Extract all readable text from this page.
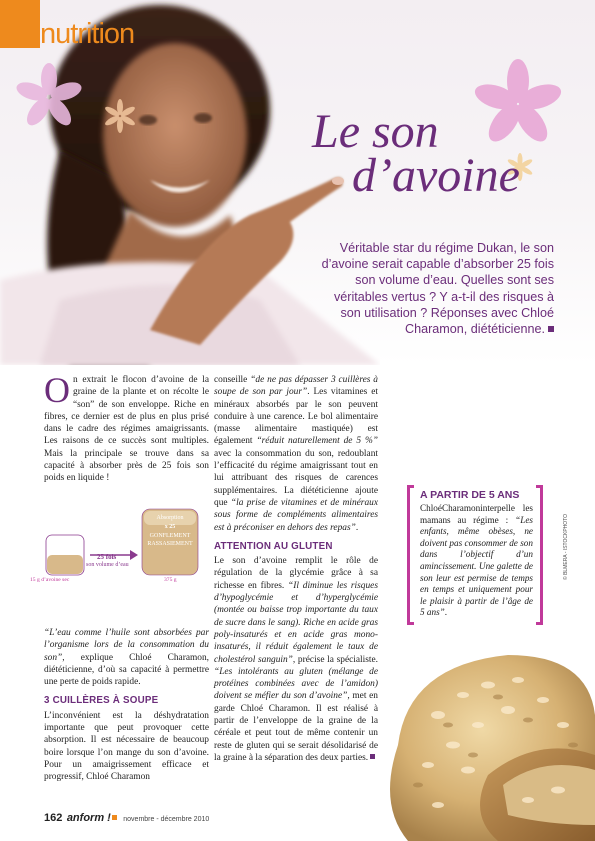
nutrition
Le son
d’avoine
Véritable star du régime Dukan, le son d’avoine serait capable d’absorber 25 fois son volume d’eau. Quelles sont ses véritables vertus ? Y a-t-il des risques à son utilisation ? Réponses avec Chloé Charamon, diététicienne.

On extrait le flocon d’avoine de la graine de la plante et on récolte le “son” de son enveloppe. Riche en fibres, ce dernier est de plus en plus prisé dans le cadre des régimes amaigrissants. Les raisons de ce succès sont multiples. Mais la principale se trouve dans sa capacité à absorber près de 25 fois son poids en liquide !

15 g d’avoine sec
25 fois
son volume d’eau
Absorption
x 25
GONFLEMENT
RASSASIEMENT
375 g

“L’eau comme l’huile sont absorbées par l’organisme lors de la consommation du son”, explique Chloé Charamon, diététicienne, d’où sa capacité à permettre une perte de poids rapide.

3 CUILLÈRES À SOUPE

L’inconvénient est la déshydratation importante que peut provoquer cette absorption. Il est nécessaire de beaucoup boire lorsque l’on mange du son d’avoine. Pour un amaigrissement efficace et progressif, Chloé Charamon

conseille “de ne pas dépasser 3 cuillères à soupe de son par jour”. Les vitamines et minéraux absorbés par le son peuvent conduire à une carence. Le bol alimentaire (masse alimentaire mastiquée) est également “réduit naturellement de 5 %” avec la consommation du son, redoublant l’efficacité du régime amaigrissant tout en lui attribuant des risques de carences supplémentaires. La diététicienne ajoute que “la prise de vitamines et de minéraux sous forme de compléments alimentaires est à préconiser en dehors des repas”.

ATTENTION AU GLUTEN

Le son d’avoine remplit le rôle de régulation de la glycémie grâce à sa richesse en fibres. “Il diminue les risques d’hypoglycémie et d’hyperglycémie (montée ou baisse trop importante du taux de sucre dans le sang). Riche en acide gras poly-insaturés et en acide gras mono-insaturés, il réduit également le taux de cholestérol sanguin”, précise la spécialiste. “Les intolérants au gluten (mélange de protéines combinées avec de l’amidon) doivent se méfier du son d’avoine”, met en garde Chloé Charamon. Il est réalisé à partir de l’enveloppe de la graine de la céréale et peut tout de même contenir un reste de gluten qui se serait désolidarisé de la graine à la séparation des deux parties.

A PARTIR DE 5 ANS
ChloéCharamoninterpelle les mamans au régime : “Les enfants, même obèses, ne doivent pas consommer de son dans l’objectif d’un amincissement. Une galette de son leur est permise de temps en temps et uniquement pour le plaisir à partir de l’âge de 5 ans”.
© BLMERA - ISTOCKPHOTO
162 anform ! novembre - décembre 2010
